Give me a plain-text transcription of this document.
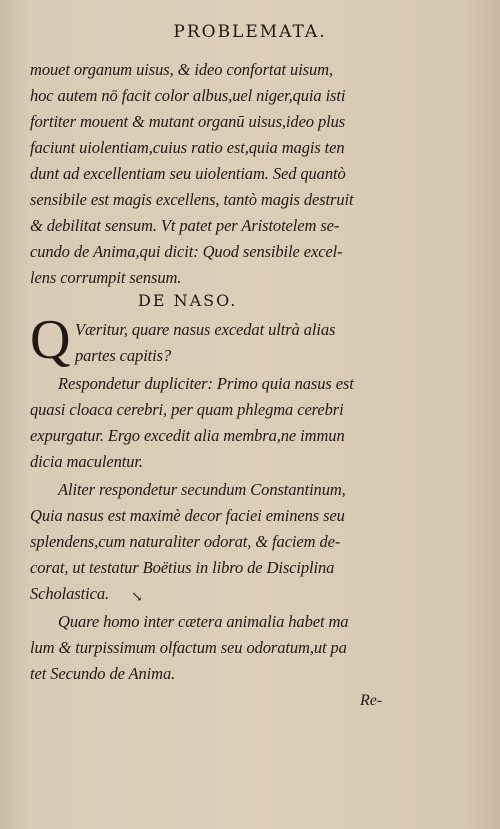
PROBLEMATA.
mouet organum uisus, & ideo confortat uisum,
hoc autem nō facit color albus,uel niger,quia isti
fortiter mouent & mutant organū uisus,ideo plus
faciunt uiolentiam,cuius ratio est,quia magis ten
dunt ad excellentiam seu uiolentiam. Sed quantò
sensibile est magis excellens, tantò magis destruit
& debilitat sensum. Vt patet per Aristotelem se-
cundo de Anima,qui dicit: Quod sensibile excel-
lens corrumpit sensum.
DE NASO.
Q Væritur, quare nasus excedat ultrà alias
partes capitis?
Respondetur dupliciter: Primo quia nasus est
quasi cloaca cerebri, per quam phlegma cerebri
expurgatur. Ergo excedit alia membra,ne immun
dicia maculentur.
Aliter respondetur secundum Constantinum,
Quia nasus est maximè decor faciei eminens seu
splendens,cum naturaliter odorat, & faciem de-
corat, ut testatur Boëtius in libro de Disciplina
Scholastica. ↘
Quare homo inter cætera animalia habet ma
lum & turpissimum olfactum seu odoratum,ut pa
tet Secundo de Anima.
Re-
